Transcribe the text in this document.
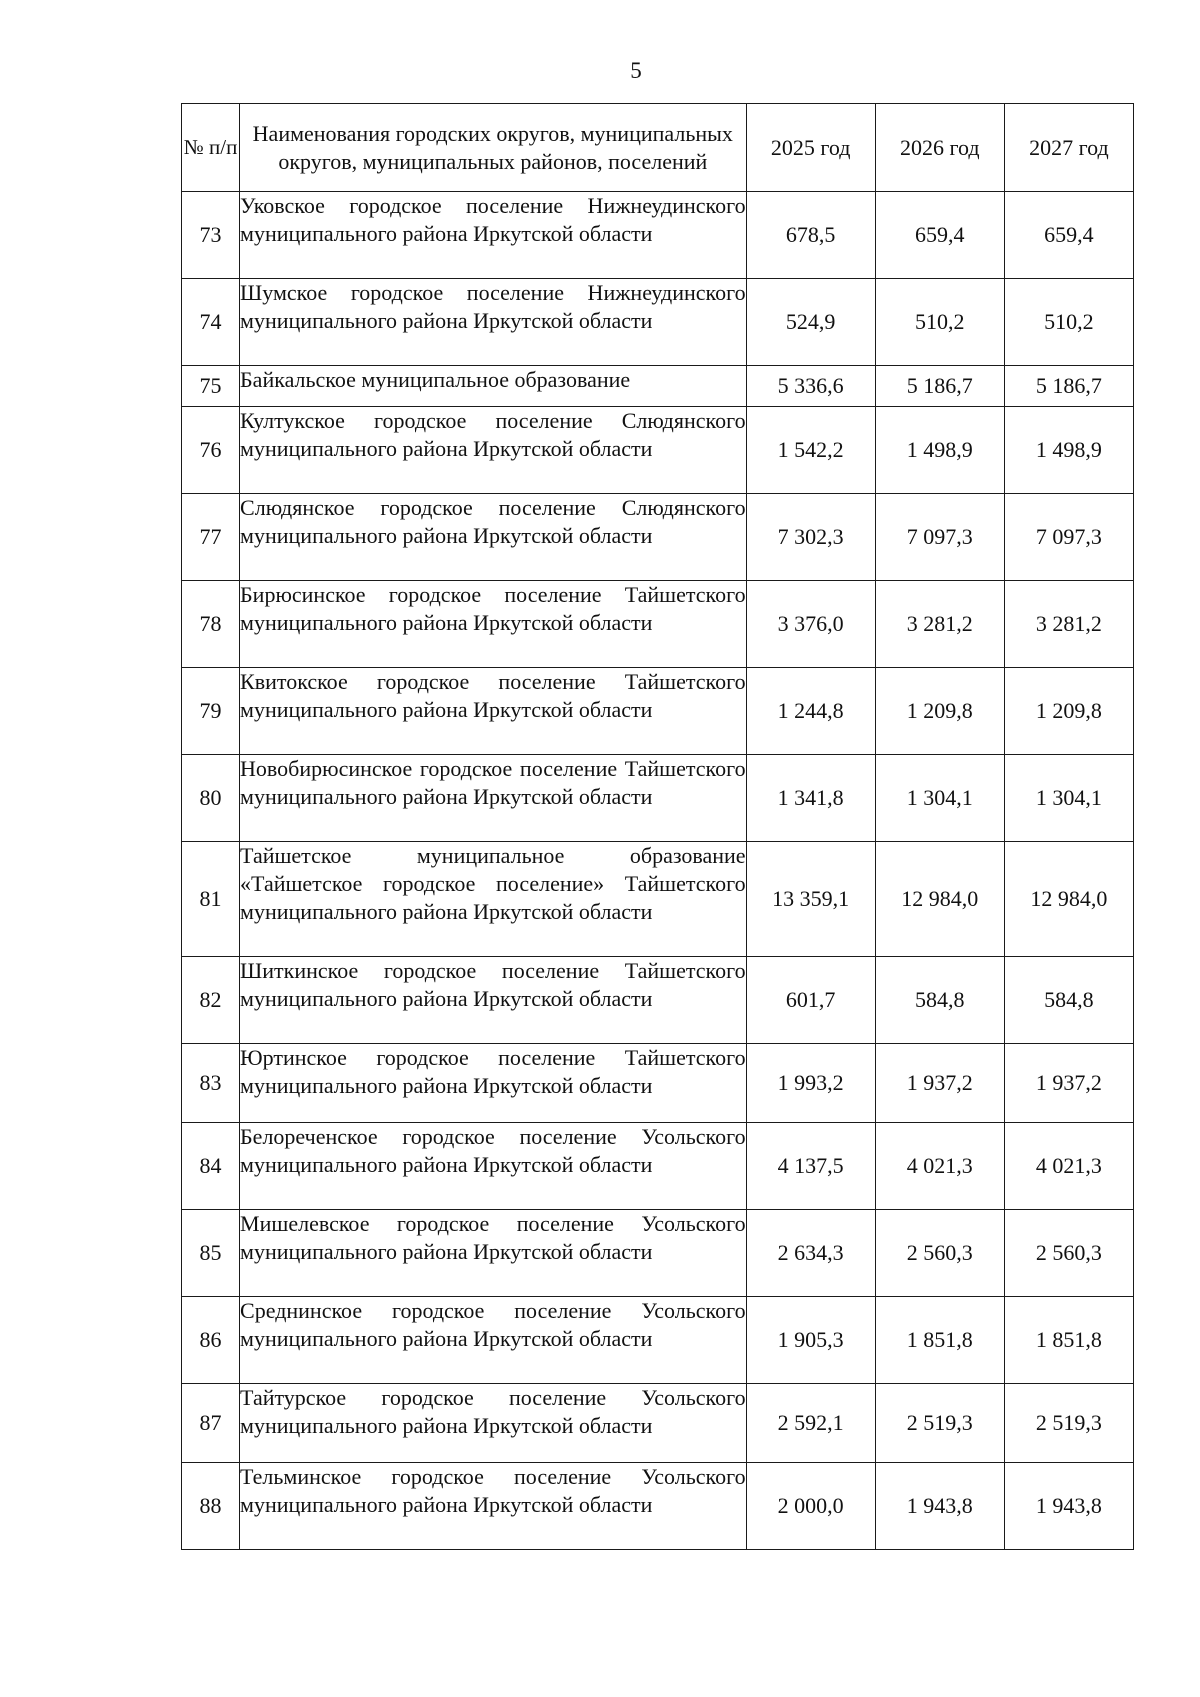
5
№ п/п	Наименования городских округов, муниципальных округов, муниципальных районов, поселений	2025 год	2026 год	2027 год
73	Уковское городское поселение Нижнеудинского муниципального района Иркутской области	678,5	659,4	659,4
74	Шумское городское поселение Нижнеудинского муниципального района Иркутской области	524,9	510,2	510,2
75	Байкальское муниципальное образование	5 336,6	5 186,7	5 186,7
76	Култукское городское поселение Слюдянского муниципального района Иркутской области	1 542,2	1 498,9	1 498,9
77	Слюдянское городское поселение Слюдянского муниципального района Иркутской области	7 302,3	7 097,3	7 097,3
78	Бирюсинское городское поселение Тайшетского муниципального района Иркутской области	3 376,0	3 281,2	3 281,2
79	Квитокское городское поселение Тайшетского муниципального района Иркутской области	1 244,8	1 209,8	1 209,8
80	Новобирюсинское городское поселение Тайшетского муниципального района Иркутской области	1 341,8	1 304,1	1 304,1
81	Тайшетское муниципальное образование «Тайшетское городское поселение» Тайшетского муниципального района Иркутской области	13 359,1	12 984,0	12 984,0
82	Шиткинское городское поселение Тайшетского муниципального района Иркутской области	601,7	584,8	584,8
83	Юртинское городское поселение Тайшетского муниципального района Иркутской области	1 993,2	1 937,2	1 937,2
84	Белореченское городское поселение Усольского муниципального района Иркутской области	4 137,5	4 021,3	4 021,3
85	Мишелевское городское поселение Усольского муниципального района Иркутской области	2 634,3	2 560,3	2 560,3
86	Среднинское городское поселение Усольского муниципального района Иркутской области	1 905,3	1 851,8	1 851,8
87	Тайтурское городское поселение Усольского муниципального района Иркутской области	2 592,1	2 519,3	2 519,3
88	Тельминское городское поселение Усольского муниципального района Иркутской области	2 000,0	1 943,8	1 943,8
